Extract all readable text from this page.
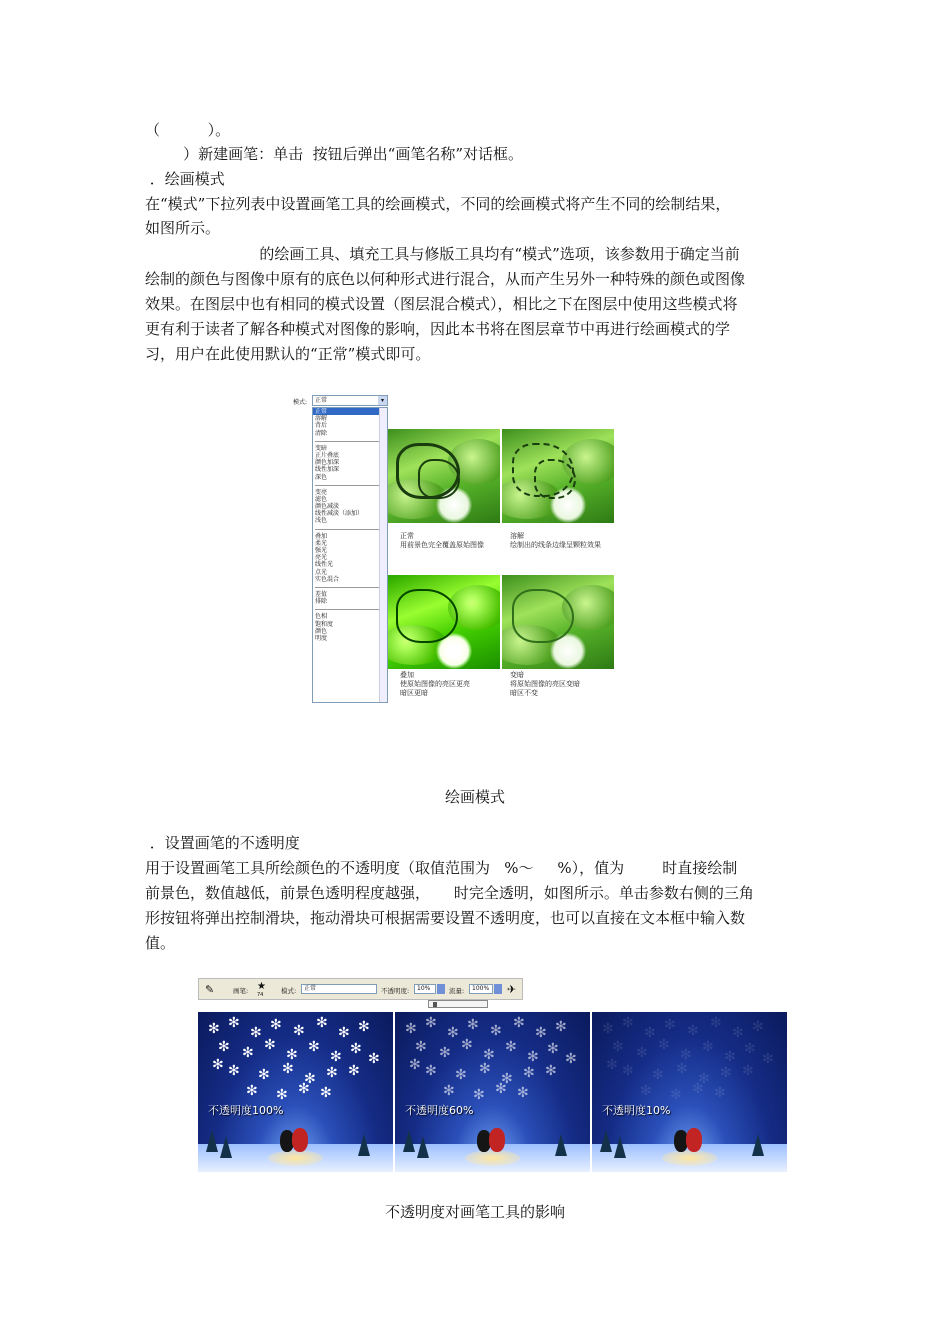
（          ）。

）新建画笔：单击  按钮后弹出“画笔名称”对话框。

．绘画模式

在“模式”下拉列表中设置画笔工具的绘画模式，不同的绘画模式将产生不同的绘制结果，

如图所示。

的绘画工具、填充工具与修版工具均有“模式”选项，该参数用于确定当前

绘制的颜色与图像中原有的底色以何种形式进行混合，从而产生另外一种特殊的颜色或图像

效果。在图层中也有相同的模式设置（图层混合模式），相比之下在图层中使用这些模式将

更有利于读者了解各种模式对图像的影响，因此本书将在图层章节中再进行绘画模式的学

习，用户在此使用默认的“正常”模式即可。

模式:	正常	▾
正常
溶解
背后
清除
变暗
正片叠底
颜色加深
线性加深
深色
变亮
滤色
颜色减淡
线性减淡（添加）
浅色
叠加
柔光
强光
亮光
线性光
点光
实色混合
差值
排除
色相
饱和度
颜色
明度
正常
用前景色完全覆盖原始图像
溶解
绘制出的线条边缘呈颗粒效果
叠加
使原始图像的亮区更亮
暗区更暗
变暗
将原始图像的亮区变暗
暗区不变
绘画模式

．设置画笔的不透明度

用于设置画笔工具所绘颜色的不透明度（取值范围为   %～     %），值为        时直接绘制

前景色，数值越低，前景色透明程度越强，     时完全透明，如图所示。单击参数右侧的三角

形按钮将弹出控制滑块，拖动滑块可根据需要设置不透明度，也可以直接在文本框中输入数

值。

✎	画笔: ★
74	模式:	正常	不透明度:	10%	流量:	100%	✈
✻ ✻
✻ ✻ ✻ ✻
✻ ✻
✻ ✻ ✻
✻ ✻
✻ ✻
✻ ✻ ✻
✻ ✻ ✻
✻ ✻ ✻ ✻
✻	✻
不透明度100%
✻ ✻
✻ ✻ ✻ ✻
✻ ✻
✻ ✻ ✻
✻ ✻
✻ ✻
✻ ✻ ✻
✻ ✻ ✻
✻ ✻ ✻ ✻
✻	✻
不透明度60%
✻ ✻
✻ ✻ ✻ ✻
✻ ✻
✻ ✻ ✻
✻ ✻
✻ ✻
✻ ✻ ✻
✻ ✻ ✻
✻ ✻ ✻ ✻
✻	✻
不透明度10%
不透明度对画笔工具的影响
